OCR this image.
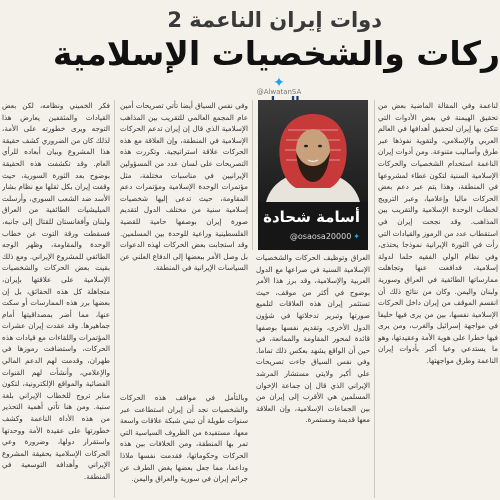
دوات إيران الناعمة 2
ركات والشخصيات الإسلامية
✦
@AlwatanSA
فكر الخميني ونظامه، لكن بعض القيادات والمثقفين يعارض هذا التوجه ويرى خطورته على الأمة، لذلك كان من الضروري كشف حقيقة هذا المشروع وبيان أبعاده للرأي العام. وقد تكشفت هذه الحقيقة بوضوح بعد الثورة السورية، حيث وقفت إيران بكل ثقلها مع نظام بشار الأسد ضد الشعب السوري، وأرسلت الميليشيات الطائفية من العراق ولبنان وأفغانستان للقتال إلى جانبه، فسقطت ورقة التوت عن خطاب الوحدة والمقاومة، وظهر الوجه الطائفي للمشروع الإيراني. ومع ذلك بقيت بعض الحركات والشخصيات الإسلامية على علاقتها بإيران، متجاهلة كل هذه الحقائق، بل إن بعضها برر هذه الممارسات أو سكت عنها، مما أضر بمصداقيتها أمام جماهيرها. وقد عقدت إيران عشرات المؤتمرات واللقاءات مع قيادات هذه الحركات، واستضافت رموزها في طهران، وقدمت لهم الدعم المالي والإعلامي، وأنشأت لهم القنوات الفضائية والمواقع الإلكترونية، لتكون منابر تروج للخطاب الإيراني بلغة سنية. ومن هنا تأتي أهمية التحذير من هذه الأداة الناعمة وكشف خطورتها على عقيدة الأمة ووحدتها واستقرار دولها، وضرورة وعي الحركات الإسلامية بحقيقة المشروع الإيراني وأهدافه التوسعية في المنطقة.
وفي نفس السياق أيضا تأتي تصريحات أمين عام المجمع العالمي للتقريب بين المذاهب الإسلامية الذي قال إن إيران تدعم الحركات الإسلامية في المنطقة، وإن العلاقة مع هذه الحركات علاقة استراتيجية. وتكررت هذه التصريحات على لسان عدد من المسؤولين الإيرانيين في مناسبات مختلفة، مثل مؤتمرات الوحدة الإسلامية ومؤتمرات دعم المقاومة، حيث تدعى إليها شخصيات إسلامية سنية من مختلف الدول لتقديم صورة إيران بوصفها حامية للقضية الفلسطينية وراعية للوحدة بين المسلمين. وقد استجابت بعض الحركات لهذه الدعوات بل وصل الأمر ببعضها إلى الدفاع العلني عن السياسات الإيرانية في المنطقة.
وبالتأمل في مواقف هذه الحركات والشخصيات نجد أن إيران استطاعت عبر سنوات طويلة أن تبني شبكة علاقات واسعة معها، مستفيدة من الظروف السياسية التي تمر بها المنطقة، ومن الخلافات بين هذه الحركات وحكوماتها، فقدمت نفسها ملاذا وداعما، مما جعل بعضها يغض الطرف عن جرائم إيران في سورية والعراق واليمن.
أسامة شحادة
@osaosa20000 ✦
العراق وتوظيف الحركات والشخصيات الإسلامية السنية في صراعها مع الدول العربية والإسلامية، وقد برز هذا الأمر بوضوح في أكثر من موقف، حيث تستثمر إيران هذه العلاقات لتلميع صورتها وتبرير تدخلاتها في شؤون الدول الأخرى، وتقديم نفسها بوصفها قائدة لمحور المقاومة والممانعة، في حين أن الواقع يشهد بعكس ذلك تماما. وفي نفس السياق جاءت تصريحات علي أكبر ولايتي مستشار المرشد الإيراني الذي قال إن جماعة الإخوان المسلمين هي الأقرب إلى إيران من بين الجماعات الإسلامية، وإن العلاقة معها قديمة ومستمرة.
لناعمة وفي المقالة الماضية بعض من تحقيق الهيمنة في بعض الأدوات التي تتكئ بها إيران لتحقيق أهدافها في العالم العربي والإسلامي، ولتقوية نفوذها عبر طرق وأساليب متنوعة. ومن أدوات إيران الناعمة استخدام الشخصيات والحركات الإسلامية السنية لتكون غطاء لمشروعها في المنطقة، وهذا يتم عبر دعم بعض الحركات ماليا وإعلاميا، وعبر الترويج لخطاب الوحدة الإسلامية والتقريب بين المذاهب. وقد نجحت إيران في استقطاب عدد من الرموز والقيادات التي رأت في الثورة الإيرانية نموذجا يحتذى، وفي نظام الولي الفقيه حلما لدولة إسلامية، فدافعت عنها وتجاهلت ممارساتها الطائفية في العراق وسورية ولبنان واليمن. وكان من نتائج ذلك أن انقسم الموقف من إيران داخل الحركات الإسلامية نفسها، بين من يرى فيها حليفا في مواجهة إسرائيل والغرب، ومن يرى فيها خطرا على هوية الأمة وعقيدتها، وهو ما يستدعي وعيا أكبر بأدوات إيران الناعمة وطرق مواجهتها.
